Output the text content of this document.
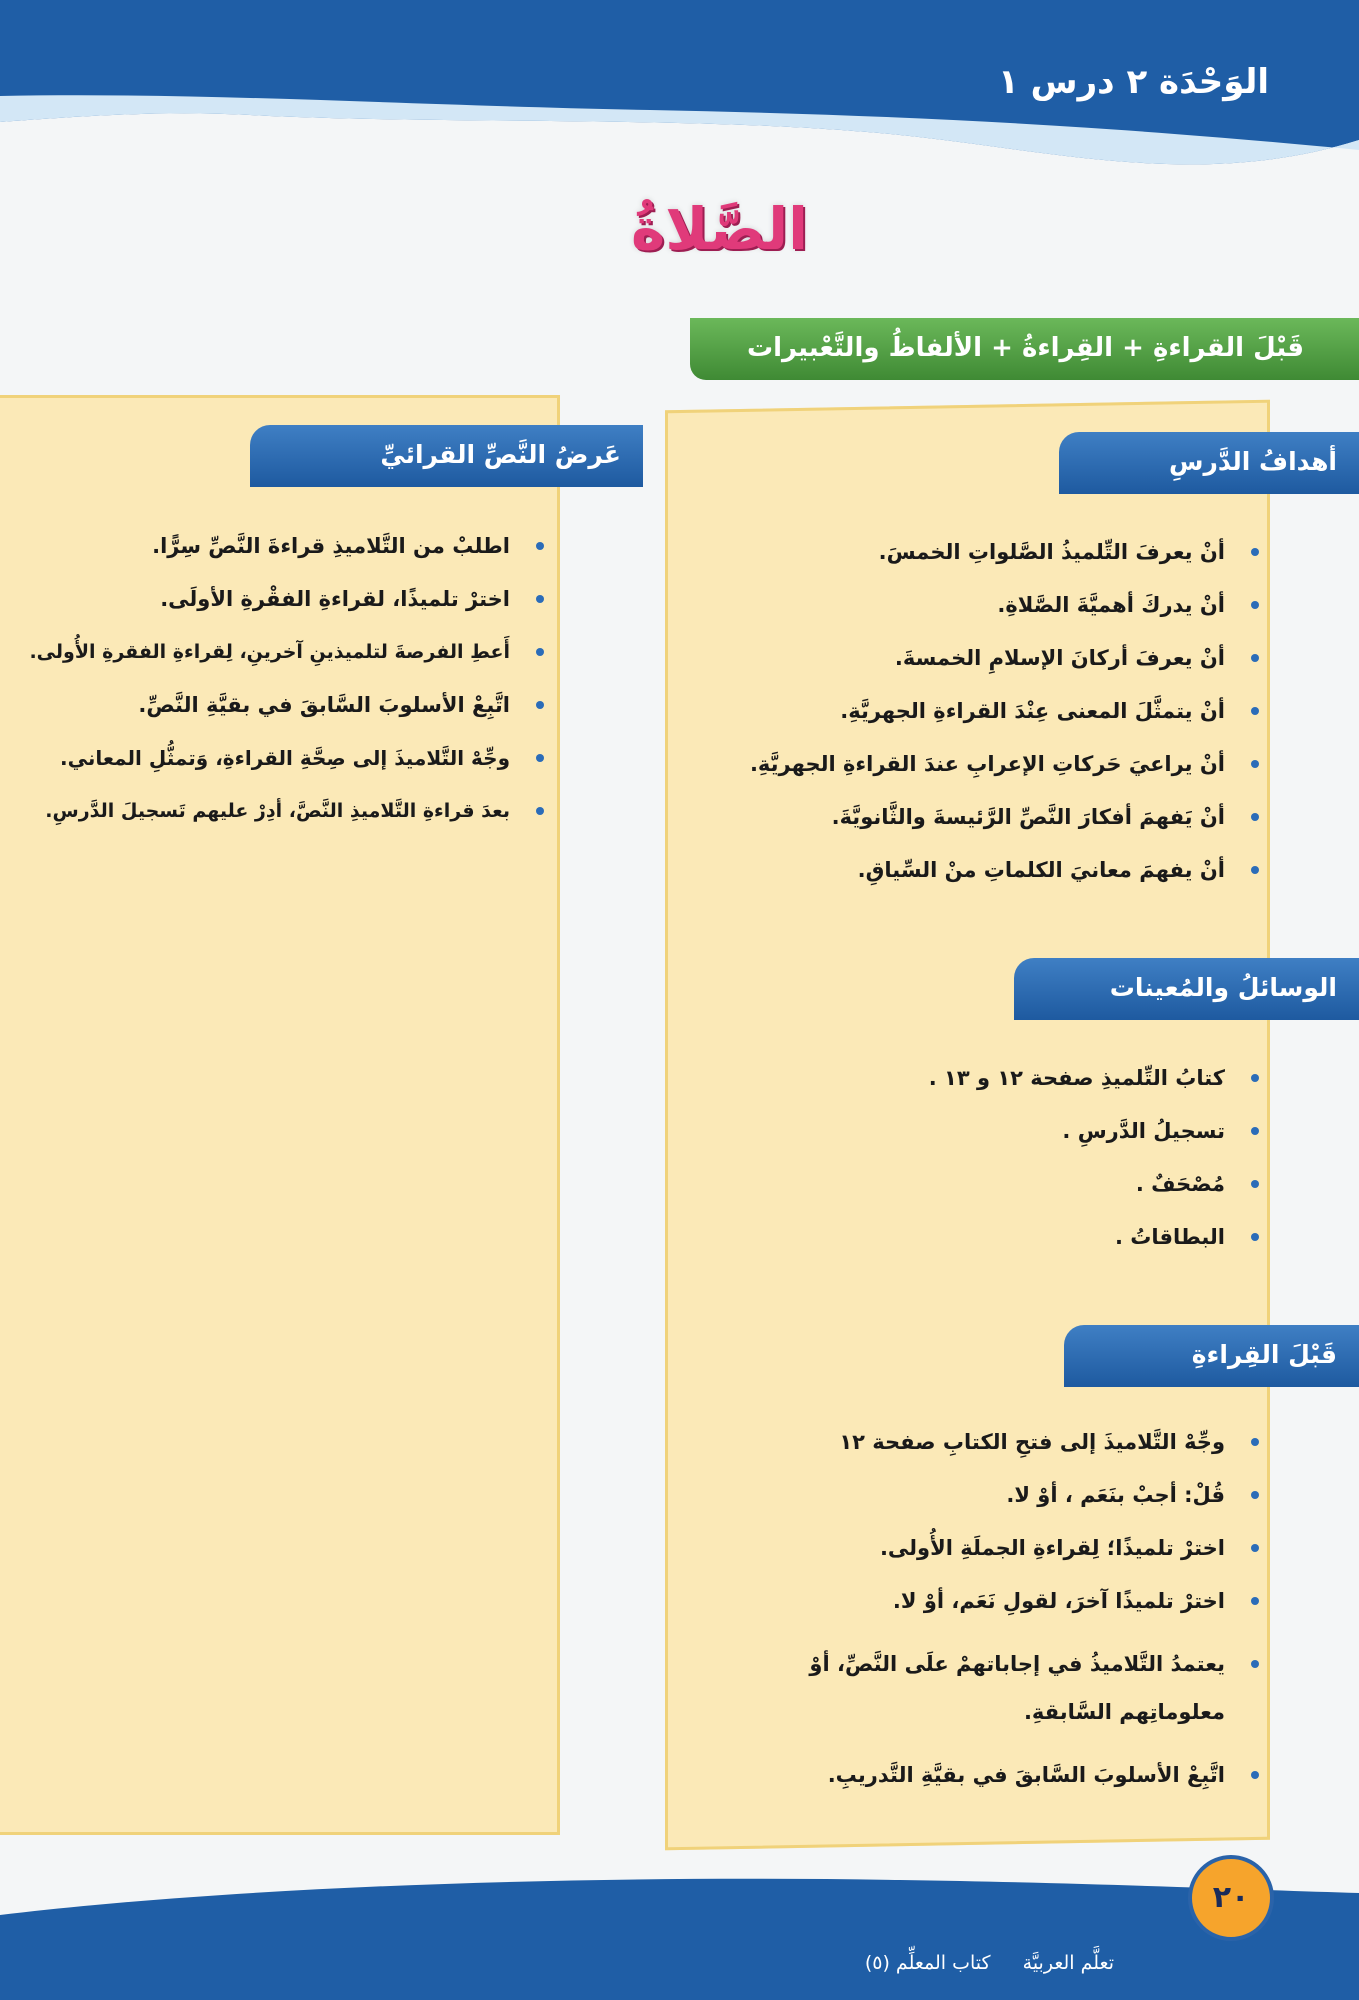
الوَحْدَة ٢ درس ١
الصَّلاةُ
قَبْلَ القراءةِ + القِراءةُ + الألفاظُ والتَّعْبيرات
أهدافُ الدَّرسِ
أنْ يعرفَ التِّلميذُ الصَّلواتِ الخمسَ.
أنْ يدركَ أهميَّةَ الصَّلاةِ.
أنْ يعرفَ أركانَ الإسلامِ الخمسةَ.
أنْ يتمثَّلَ المعنى عِنْدَ القراءةِ الجهريَّةِ.
أنْ يراعيَ حَركاتِ الإعرابِ عندَ القراءةِ الجهريَّةِ.
أنْ يَفهمَ أفكارَ النَّصِّ الرَّئيسةَ والثَّانويَّةَ.
أنْ يفهمَ معانيَ الكلماتِ منْ السِّياقِ.
الوسائلُ والمُعينات
كتابُ التِّلميذِ صفحة ١٢ و ١٣ .
تسجيلُ الدَّرسِ .
مُصْحَفٌ .
البطاقاتُ .
قَبْلَ القِراءةِ
وجِّهْ التَّلاميذَ إلى فتحِ الكتابِ صفحة ١٢
قُلْ: أجبْ بنَعَم ، أوْ لا.
اخترْ تلميذًا؛ لِقراءةِ الجملَةِ الأُولى.
اخترْ تلميذًا آخرَ، لقولِ نَعَم، أوْ لا.
يعتمدُ التَّلاميذُ في إجاباتهمْ علَى النَّصِّ، أوْ معلوماتِهم السَّابقةِ.
اتَّبِعْ الأسلوبَ السَّابقَ في بقيَّةِ التَّدريبِ.
عَرضُ النَّصِّ القرائيِّ
اطلبْ من التَّلاميذِ قراءةَ النَّصِّ سِرًّا.
اخترْ تلميذًا، لقراءةِ الفقْرةِ الأولَى.
أَعطِ الفرصةَ لتلميذينِ آخرينِ، لِقراءةِ الفقرةِ الأُولى.
اتَّبِعْ الأسلوبَ السَّابقَ في بقيَّةِ النَّصِّ.
وجِّهْ التَّلاميذَ إلى صِحَّةِ القراءةِ، وَتمثُّلِ المعاني.
بعدَ قراءةِ التَّلاميذِ النَّصَّ، أدِرْ عليهم تَسجيلَ الدَّرسِ.
٢٠
تعلَّم العربيَّة كتاب المعلِّم (٥)
